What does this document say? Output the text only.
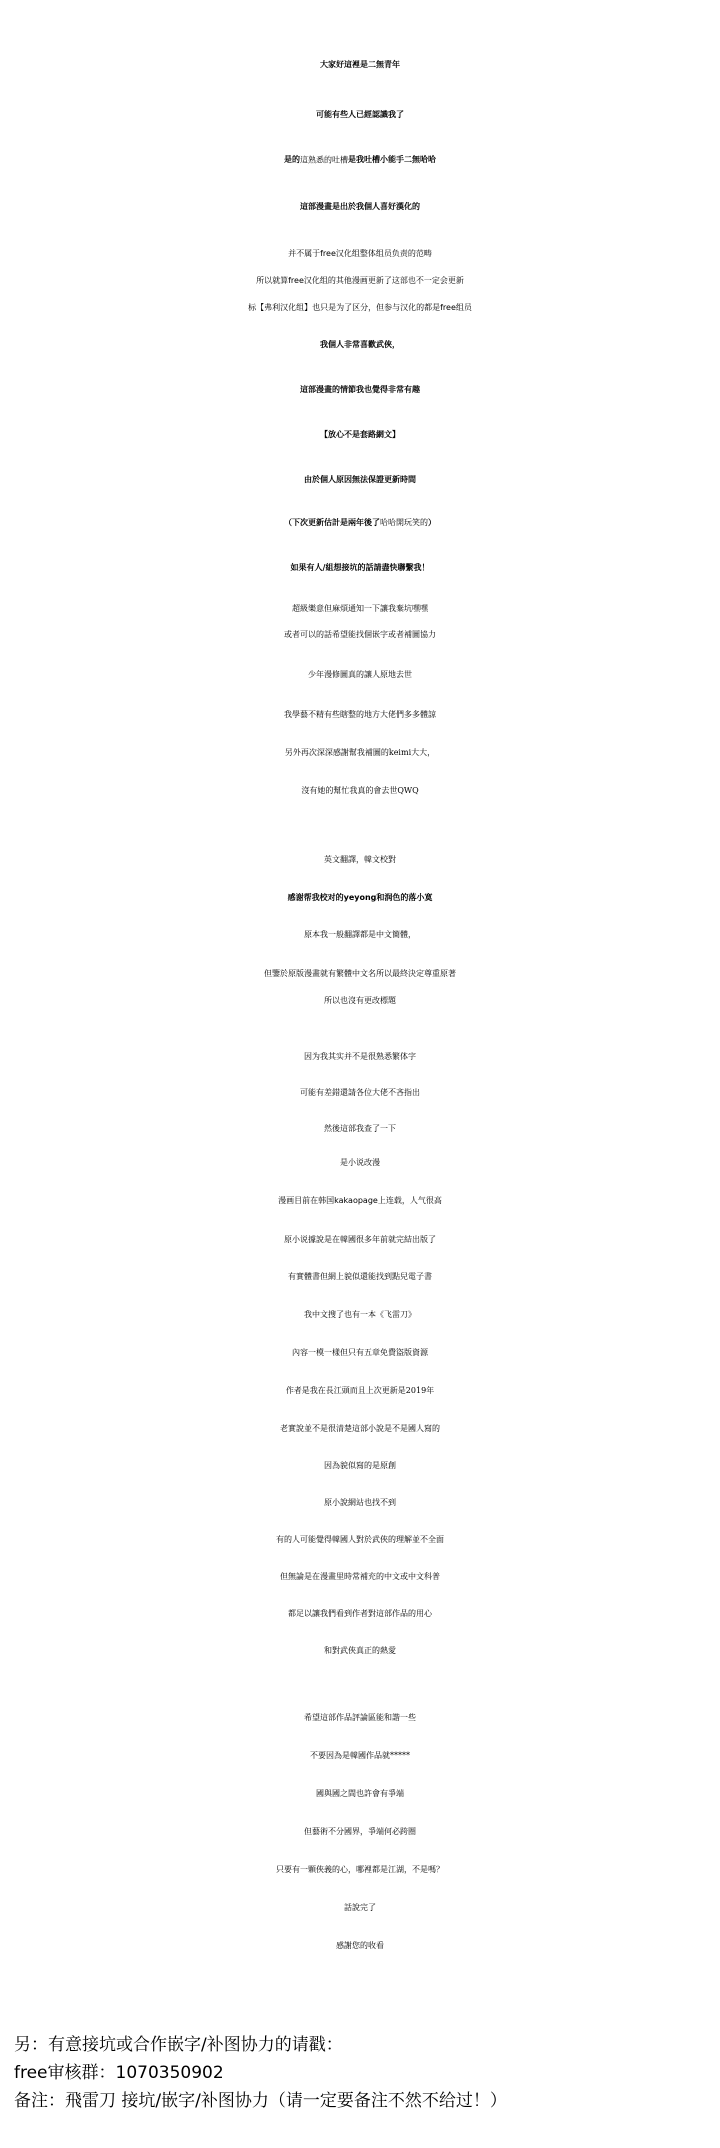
大家好這裡是二無青年
可能有些人已經認識我了
是的這熟悉的吐槽是我吐槽小能手二無哈哈
這部漫畫是出於我個人喜好漢化的
并不属于free汉化组整体组员负责的范畴
所以就算free汉化组的其他漫画更新了这部也不一定会更新
标【弗利汉化组】也只是为了区分，但参与汉化的都是free组员
我個人非常喜歡武俠，
這部漫畫的情節我也覺得非常有趣
【放心不是套路網文】
由於個人原因無法保證更新時間
（下次更新估計是兩年後了哈哈開玩笑的）
如果有人/組想接坑的話請盡快聯繫我！
超級樂意但麻煩通知一下讓我棄坑嘿嘿
或者可以的話希望能找個嵌字或者補圖協力
少年漫修圖真的讓人原地去世
我學藝不精有些瞎整的地方大佬們多多體諒
另外再次深深感謝幫我補圖的keimi大大，
沒有她的幫忙我真的會去世QWQ
英文翻譯，韓文校對
感谢帮我校对的yeyong和润色的落小寞
原本我一般翻譯都是中文簡體，
但鑒於原版漫畫就有繁體中文名所以最終決定尊重原著
所以也沒有更改標題
因为我其实并不是很熟悉繁体字
可能有差錯還請各位大佬不吝指出
然後這部我查了一下
是小说改漫
漫画目前在韩国kakaopage上连载，人气很高
原小说據說是在韓國很多年前就完結出版了
有實體書但網上貌似還能找到點兒電子書
我中文搜了也有一本《飞雷刀》
內容一模一樣但只有五章免費盜版資源
作者是我在長江頭而且上次更新是2019年
老實說並不是很清楚這部小說是不是國人寫的
因為貌似寫的是原創
原小說網站也找不到
有的人可能覺得韓國人對於武俠的理解並不全面
但無論是在漫畫里時常補充的中文或中文科普
都足以讓我們看到作者對這部作品的用心
和對武俠真正的熱愛
希望這部作品評論區能和諧一些
不要因為是韓國作品就*****
國與國之間也許會有爭端
但藝術不分國界，爭端何必跨圈
只要有一顆俠義的心，哪裡都是江湖，不是嗎？
話說完了
感謝您的收看
另：有意接坑或合作嵌字/补图协力的请戳：
free审核群：1070350902
备注：飛雷刀 接坑/嵌字/补图协力（请一定要备注不然不给过！）
